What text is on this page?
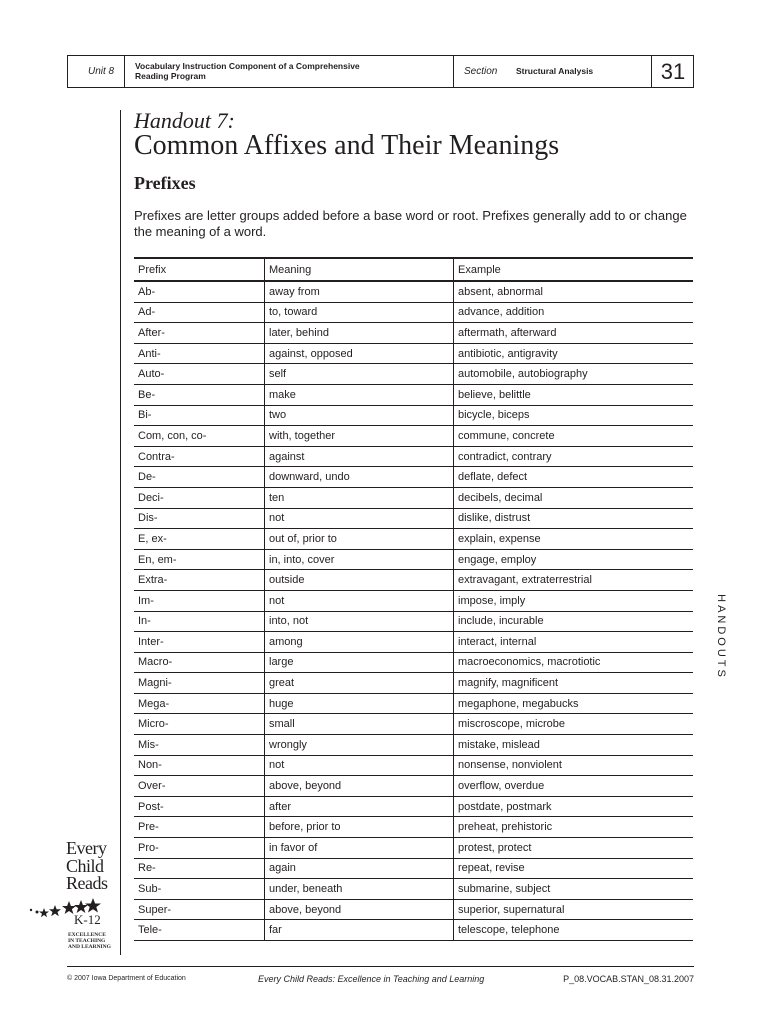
Unit 8 Vocabulary Instruction Component of a Comprehensive
Reading Program	Section Structural Analysis	31
Handout 7:
Common Affixes and Their Meanings
Prefixes
Prefixes are letter groups added before a base word or root. Prefixes generally add to or change the meaning of a word.
Prefix	Meaning	Example
Ab-	away from	absent, abnormal
Ad-	to, toward	advance, addition
After-	later, behind	aftermath, afterward
Anti-	against, opposed	antibiotic, antigravity
Auto-	self	automobile, autobiography
Be-	make	believe, belittle
Bi-	two	bicycle, biceps
Com, con, co-	with, together	commune, concrete
Contra-	against	contradict, contrary
De-	downward, undo	deflate, defect
Deci-	ten	decibels, decimal
Dis-	not	dislike, distrust
E, ex-	out of, prior to	explain, expense
En, em-	in, into, cover	engage, employ
Extra-	outside	extravagant, extraterrestrial
Im-	not	impose, imply
In-	into, not	include, incurable
Inter-	among	interact, internal
Macro-	large	macroeconomics, macrotiotic
Magni-	great	magnify, magnificent
Mega-	huge	megaphone, megabucks
Micro-	small	miscroscope, microbe
Mis-	wrongly	mistake, mislead
Non-	not	nonsense, nonviolent
Over-	above, beyond	overflow, overdue
Post-	after	postdate, postmark
Pre-	before, prior to	preheat, prehistoric
Pro-	in favor of	protest, protect
Re-	again	repeat, revise
Sub-	under, beneath	submarine, subject
Super-	above, beyond	superior, supernatural
Tele-	far	telescope, telephone
HANDOUTS
Every
Child
Reads
K-12
EXCELLENCE
IN TEACHING
AND LEARNING
© 2007 Iowa Department of Education	Every Child Reads: Excellence in Teaching and Learning	P_08.VOCAB.STAN_08.31.2007
